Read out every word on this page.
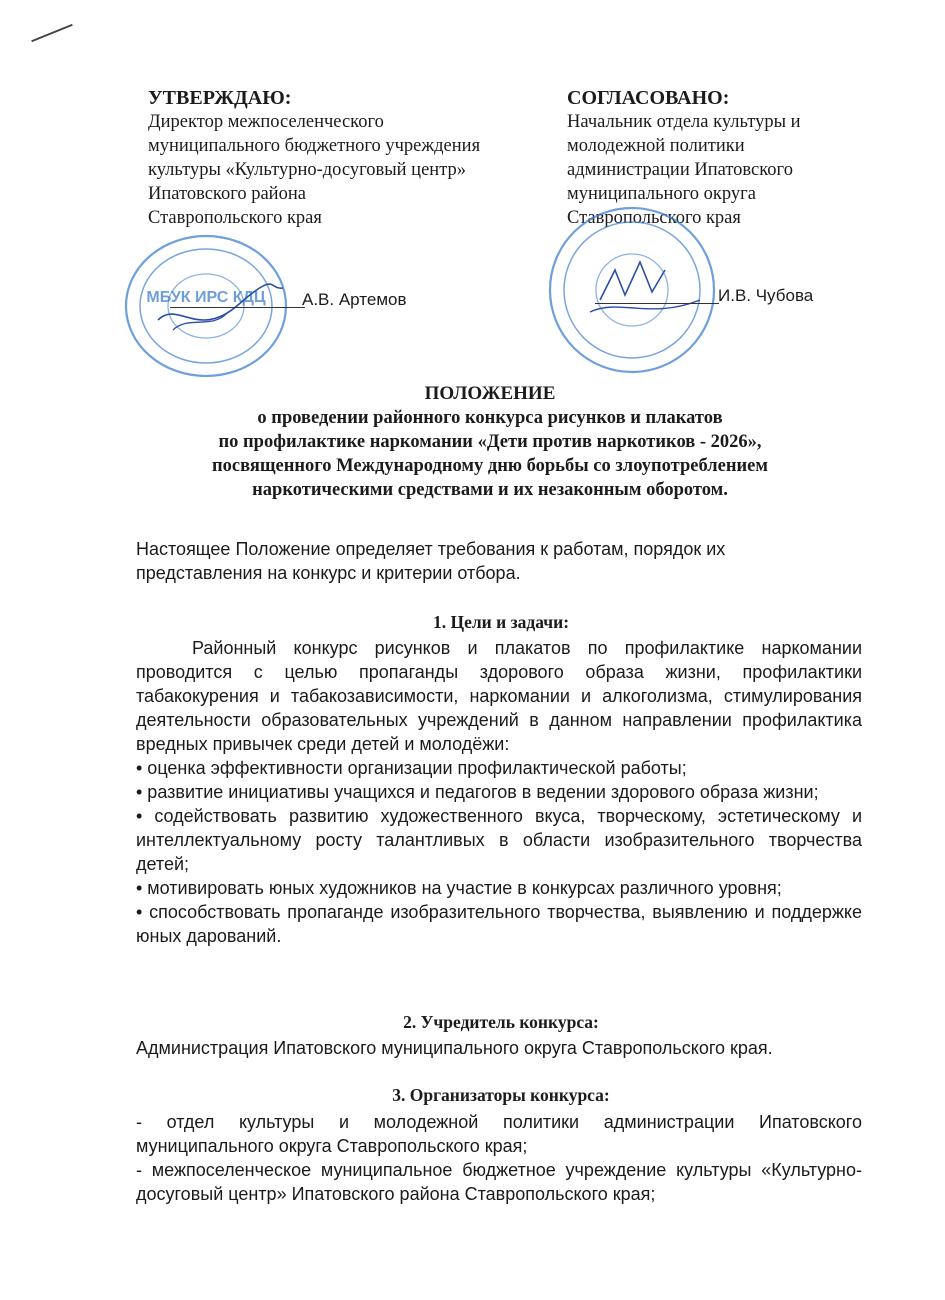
УТВЕРЖДАЮ:
Директор межпоселенческого
муниципального бюджетного учреждения
культуры «Культурно-досуговый центр»
Ипатовского района
Ставропольского края
МБУК ИРС КДЦ А.В. Артемов
СОГЛАСОВАНО:
Начальник отдела культуры и
молодежной политики
администрации Ипатовского
муниципального округа
Ставропольского края
И.В. Чубова
ПОЛОЖЕНИЕ
о проведении районного конкурса рисунков и плакатов
по профилактике наркомании «Дети против наркотиков - 2026»,
посвященного Международному дню борьбы со злоупотреблением
наркотическими средствами и их незаконным оборотом.
Настоящее Положение определяет требования к работам, порядок их представления на конкурс и критерии отбора.
1. Цели и задачи:

Районный конкурс рисунков и плакатов по профилактике наркомании проводится с целью пропаганды здорового образа жизни, профилактики табакокурения и табакозависимости, наркомании и алкоголизма, стимулирования деятельности образовательных учреждений в данном направлении профилактика вредных привычек среди детей и молодёжи:

• оценка эффективности организации профилактической работы;

• развитие инициативы учащихся и педагогов в ведении здорового образа жизни;

• содействовать развитию художественного вкуса, творческому, эстетическому и интеллектуальному росту талантливых в области изобразительного творчества детей;

• мотивировать юных художников на участие в конкурсах различного уровня;

• способствовать пропаганде изобразительного творчества, выявлению и поддержке юных дарований.

2. Учредитель конкурса:

Администрация Ипатовского муниципального округа Ставропольского края.

3. Организаторы конкурса:

- отдел культуры и молодежной политики администрации Ипатовского муниципального округа Ставропольского края;

- межпоселенческое муниципальное бюджетное учреждение культуры «Культурно-досуговый центр» Ипатовского района Ставропольского края;
